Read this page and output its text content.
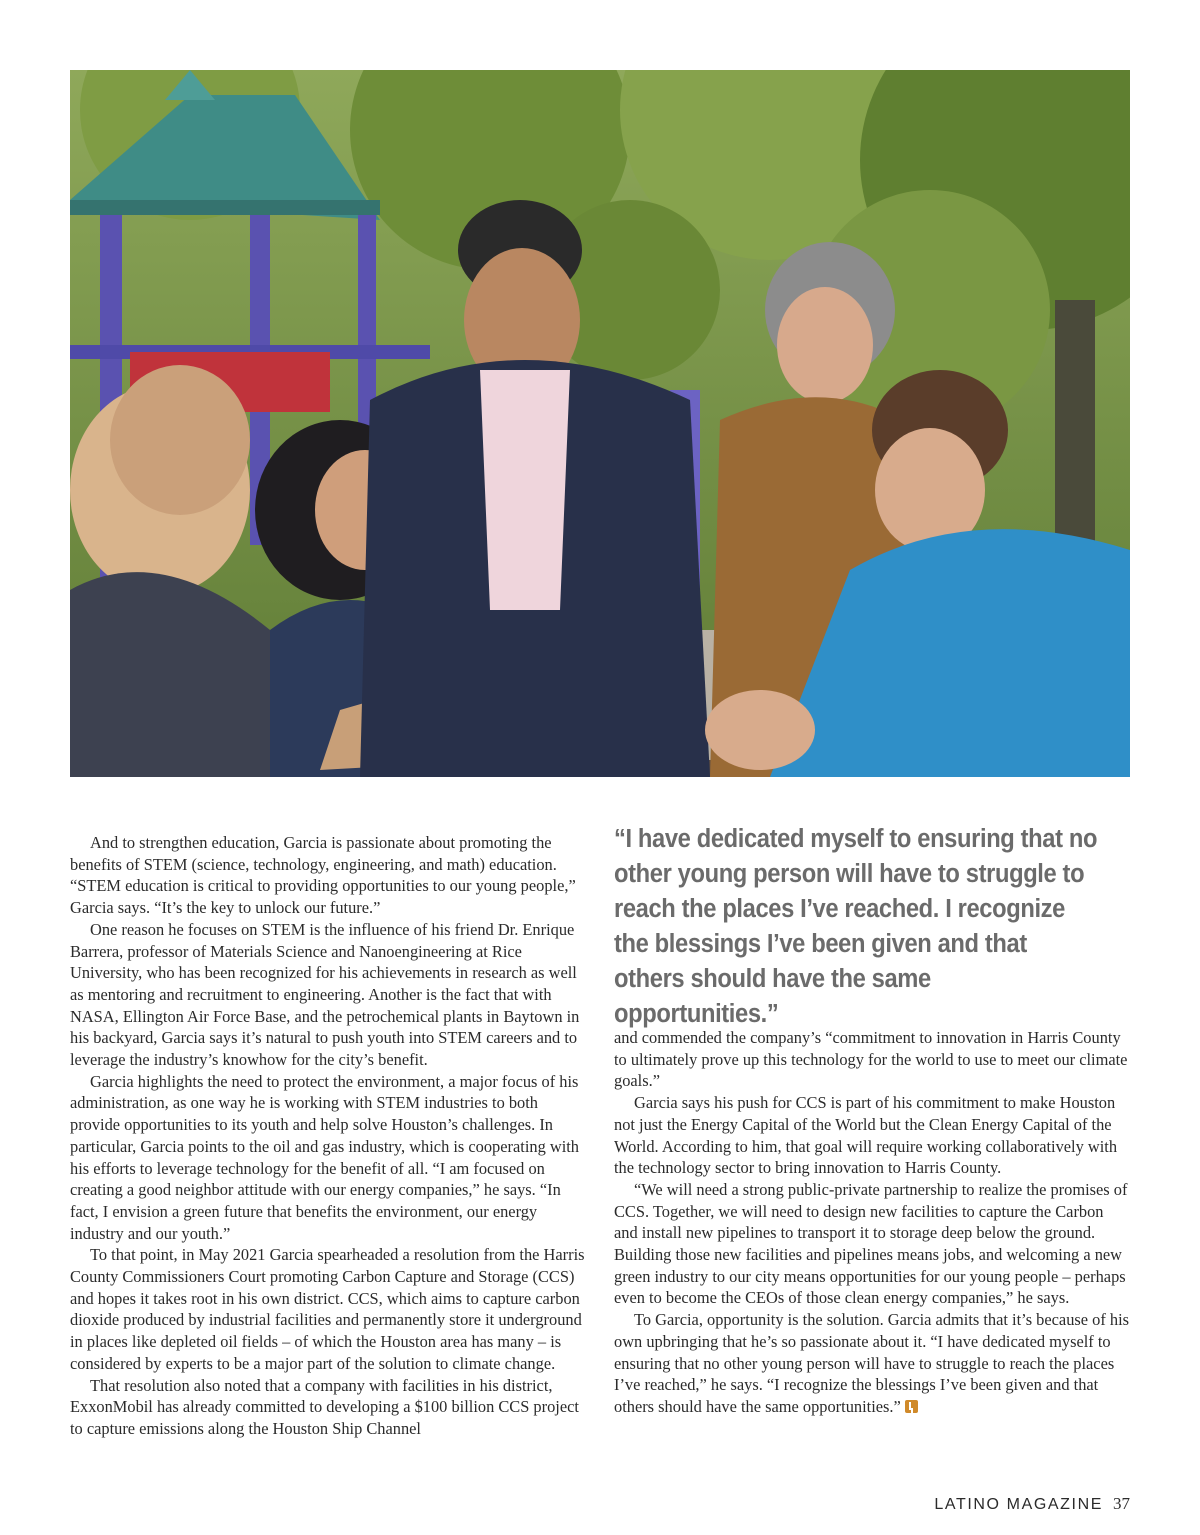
And to strengthen education, Garcia is passionate about promoting the benefits of STEM (science, technology, engineering, and math) education. “STEM education is critical to providing opportunities to our young people,” Garcia says. “It’s the key to unlock our future.”

One reason he focuses on STEM is the influence of his friend Dr. Enrique Barrera, professor of Materials Science and Nanoengineering at Rice University, who has been recognized for his achievements in research as well as mentoring and recruitment to engineering. Another is the fact that with NASA, Ellington Air Force Base, and the petrochemical plants in Baytown in his backyard, Garcia says it’s natural to push youth into STEM careers and to leverage the industry’s knowhow for the city’s benefit.

Garcia highlights the need to protect the environment, a major focus of his administration, as one way he is working with STEM industries to both provide opportunities to its youth and help solve Houston’s challenges. In particular, Garcia points to the oil and gas industry, which is cooperating with his efforts to leverage technology for the benefit of all. “I am focused on creating a good neighbor attitude with our energy companies,” he says. “In fact, I envision a green future that benefits the environment, our energy industry and our youth.”

To that point, in May 2021 Garcia spearheaded a resolution from the Harris County Commissioners Court promoting Carbon Capture and Storage (CCS) and hopes it takes root in his own district. CCS, which aims to capture carbon dioxide produced by industrial facilities and permanently store it underground in places like depleted oil fields – of which the Houston area has many – is considered by experts to be a major part of the solution to climate change.

That resolution also noted that a company with facilities in his district, ExxonMobil has already committed to developing a $100 billion CCS project to capture emissions along the Houston Ship Channel

“I have dedicated myself to ensuring that no other young person will have to struggle to reach the places I’ve reached. I recognize the blessings I’ve been given and that others should have the same opportunities.”

and commended the company’s “commitment to innovation in Harris County to ultimately prove up this technology for the world to use to meet our climate goals.”

Garcia says his push for CCS is part of his commitment to make Houston not just the Energy Capital of the World but the Clean Energy Capital of the World. According to him, that goal will require working collaboratively with the technology sector to bring innovation to Harris County.

“We will need a strong public-private partnership to realize the promises of CCS. Together, we will need to design new facilities to capture the Carbon and install new pipelines to transport it to storage deep below the ground. Building those new facilities and pipelines means jobs, and welcoming a new green industry to our city means opportunities for our young people – perhaps even to become the CEOs of those clean energy companies,” he says.

To Garcia, opportunity is the solution. Garcia admits that it’s because of his own upbringing that he’s so passionate about it. “I have dedicated myself to ensuring that no other young person will have to struggle to reach the places I’ve reached,” he says. “I recognize the blessings I’ve been given and that others should have the same opportunities.”

LATINO MAGAZINE 37
